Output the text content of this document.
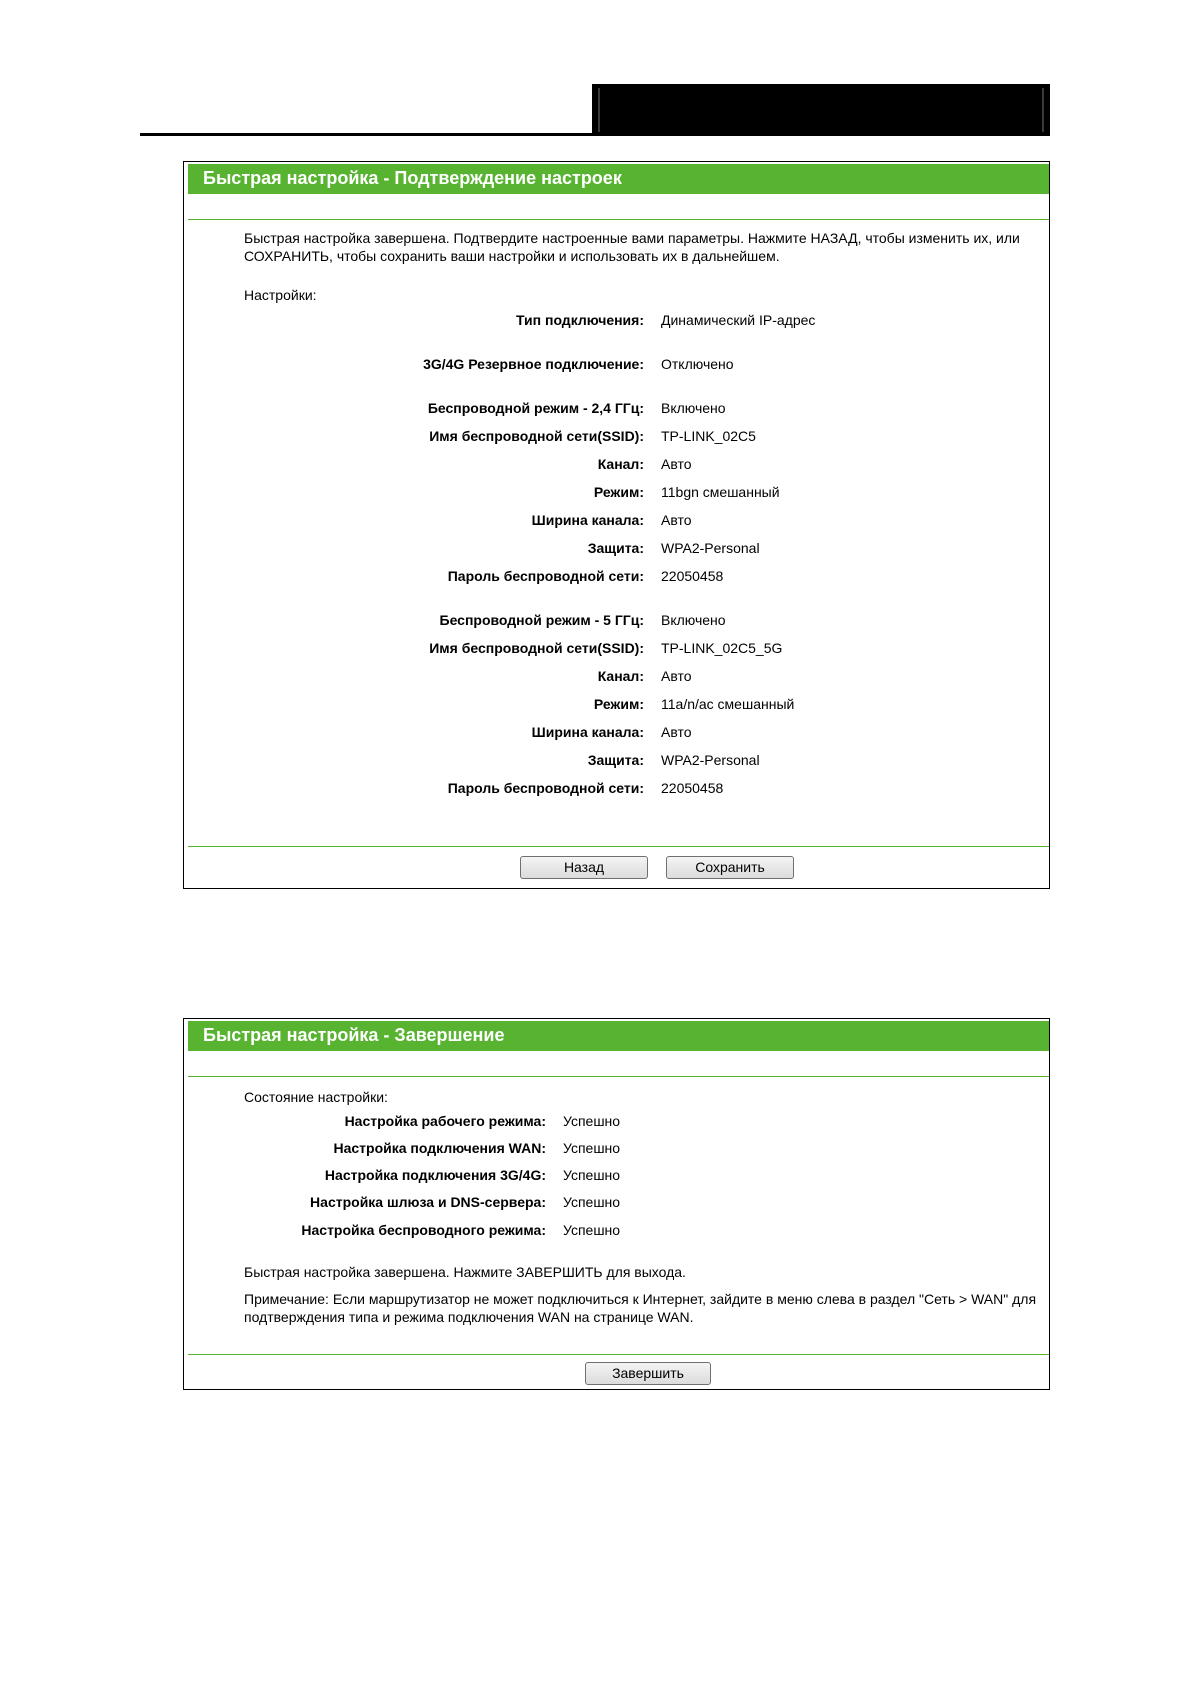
Быстрая настройка - Подтверждение настроек
Быстрая настройка завершена. Подтвердите настроенные вами параметры. Нажмите НАЗАД, чтобы изменить их, или СОХРАНИТЬ, чтобы сохранить ваши настройки и использовать их в дальнейшем.
Настройки:
Тип подключения: Динамический IP-адрес
3G/4G Резервное подключение: Отключено
Беспроводной режим - 2,4 ГГц: Включено
Имя беспроводной сети(SSID): TP-LINK_02C5
Канал: Авто
Режим: 11bgn смешанный
Ширина канала: Авто
Защита: WPA2-Personal
Пароль беспроводной сети: 22050458
Беспроводной режим - 5 ГГц: Включено
Имя беспроводной сети(SSID): TP-LINK_02C5_5G
Канал: Авто
Режим: 11a/n/ac смешанный
Ширина канала: Авто
Защита: WPA2-Personal
Пароль беспроводной сети: 22050458
Назад	Сохранить
Быстрая настройка - Завершение
Состояние настройки:
Настройка рабочего режима: Успешно
Настройка подключения WAN: Успешно
Настройка подключения 3G/4G: Успешно
Настройка шлюза и DNS-сервера: Успешно
Настройка беспроводного режима: Успешно
Быстрая настройка завершена. Нажмите ЗАВЕРШИТЬ для выхода.
Примечание: Если маршрутизатор не может подключиться к Интернет, зайдите в меню слева в раздел "Сеть > WAN" для подтверждения типа и режима подключения WAN на странице WAN.
Завершить
